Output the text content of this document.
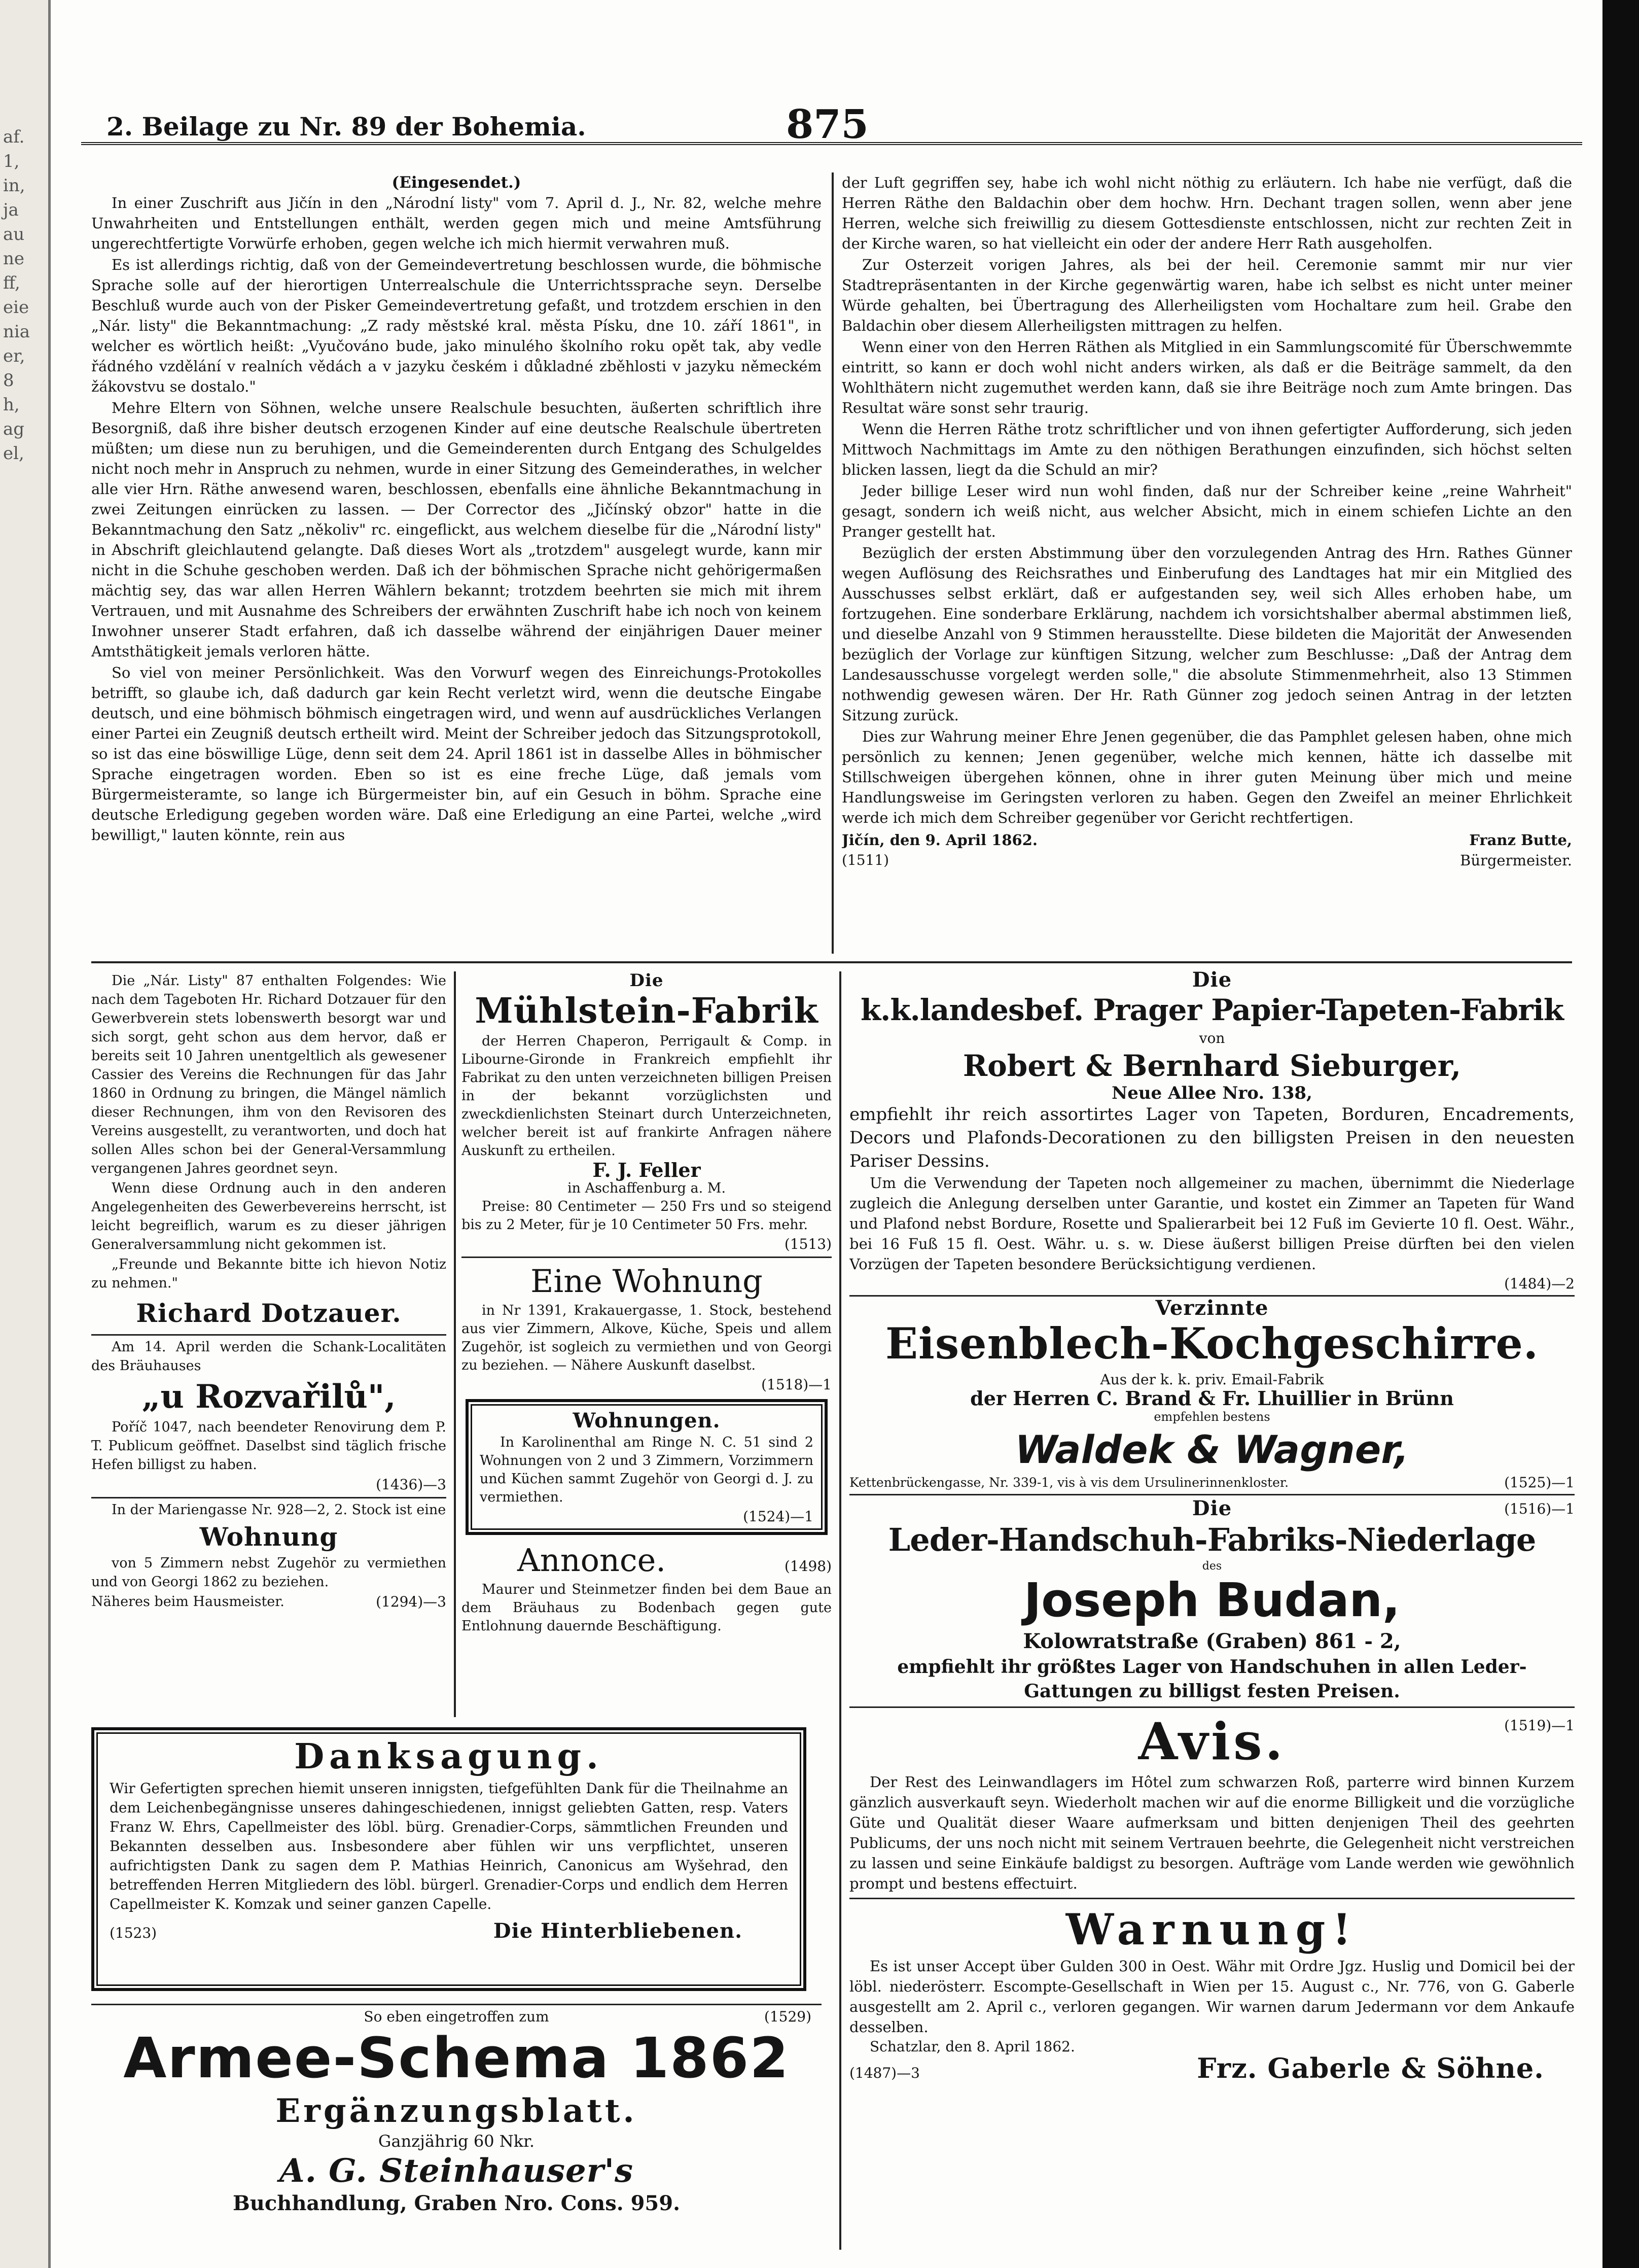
af.
1,
in,
ja
au
ne
ff,
eie
nia
er,
8
h,
ag
el,
2. Beilage zu Nr. 89 der Bohemia.	875
(Eingesendet.)

In einer Zuschrift aus Jičín in den „Národní listy" vom 7. April d. J., Nr. 82, welche mehre Unwahrheiten und Entstellungen enthält, werden gegen mich und meine Amtsführung ungerechtfertigte Vorwürfe erhoben, gegen welche ich mich hiermit verwahren muß.

Es ist allerdings richtig, daß von der Gemeindevertretung beschlossen wurde, die böhmische Sprache solle auf der hierortigen Unterrealschule die Unterrichtssprache seyn. Derselbe Beschluß wurde auch von der Pisker Gemeindevertretung gefaßt, und trotzdem erschien in den „Nár. listy" die Bekanntmachung: „Z rady městské kral. města Písku, dne 10. září 1861", in welcher es wörtlich heißt: „Vyučováno bude, jako minulého školního roku opět tak, aby vedle řádného vzdělání v realních vědách a v jazyku českém i důkladné zběhlosti v jazyku německém žákovstvu se dostalo."

Mehre Eltern von Söhnen, welche unsere Realschule besuchten, äußerten schriftlich ihre Besorgniß, daß ihre bisher deutsch erzogenen Kinder auf eine deutsche Realschule übertreten müßten; um diese nun zu beruhigen, und die Gemeinderenten durch Entgang des Schulgeldes nicht noch mehr in Anspruch zu nehmen, wurde in einer Sitzung des Gemeinderathes, in welcher alle vier Hrn. Räthe anwesend waren, beschlossen, ebenfalls eine ähnliche Bekanntmachung in zwei Zeitungen einrücken zu lassen. — Der Corrector des „Jičínský obzor" hatte in die Bekanntmachung den Satz „několiv" rc. eingeflickt, aus welchem dieselbe für die „Národní listy" in Abschrift gleichlautend gelangte. Daß dieses Wort als „trotzdem" ausgelegt wurde, kann mir nicht in die Schuhe geschoben werden. Daß ich der böhmischen Sprache nicht gehörigermaßen mächtig sey, das war allen Herren Wählern bekannt; trotzdem beehrten sie mich mit ihrem Vertrauen, und mit Ausnahme des Schreibers der erwähnten Zuschrift habe ich noch von keinem Inwohner unserer Stadt erfahren, daß ich dasselbe während der einjährigen Dauer meiner Amtsthätigkeit jemals verloren hätte.

So viel von meiner Persönlichkeit. Was den Vorwurf wegen des Einreichungs-Protokolles betrifft, so glaube ich, daß dadurch gar kein Recht verletzt wird, wenn die deutsche Eingabe deutsch, und eine böhmisch böhmisch eingetragen wird, und wenn auf ausdrückliches Verlangen einer Partei ein Zeugniß deutsch ertheilt wird. Meint der Schreiber jedoch das Sitzungsprotokoll, so ist das eine böswillige Lüge, denn seit dem 24. April 1861 ist in dasselbe Alles in böhmischer Sprache eingetragen worden. Eben so ist es eine freche Lüge, daß jemals vom Bürgermeisteramte, so lange ich Bürgermeister bin, auf ein Gesuch in böhm. Sprache eine deutsche Erledigung gegeben worden wäre. Daß eine Erledigung an eine Partei, welche „wird bewilligt," lauten könnte, rein aus

der Luft gegriffen sey, habe ich wohl nicht nöthig zu erläutern. Ich habe nie verfügt, daß die Herren Räthe den Baldachin ober dem hochw. Hrn. Dechant tragen sollen, wenn aber jene Herren, welche sich freiwillig zu diesem Gottesdienste entschlossen, nicht zur rechten Zeit in der Kirche waren, so hat vielleicht ein oder der andere Herr Rath ausgeholfen.

Zur Osterzeit vorigen Jahres, als bei der heil. Ceremonie sammt mir nur vier Stadtrepräsentanten in der Kirche gegenwärtig waren, habe ich selbst es nicht unter meiner Würde gehalten, bei Übertragung des Allerheiligsten vom Hochaltare zum heil. Grabe den Baldachin ober diesem Allerheiligsten mittragen zu helfen.

Wenn einer von den Herren Räthen als Mitglied in ein Sammlungscomité für Überschwemmte eintritt, so kann er doch wohl nicht anders wirken, als daß er die Beiträge sammelt, da den Wohlthätern nicht zugemuthet werden kann, daß sie ihre Beiträge noch zum Amte bringen. Das Resultat wäre sonst sehr traurig.

Wenn die Herren Räthe trotz schriftlicher und von ihnen gefertigter Aufforderung, sich jeden Mittwoch Nachmittags im Amte zu den nöthigen Berathungen einzufinden, sich höchst selten blicken lassen, liegt da die Schuld an mir?

Jeder billige Leser wird nun wohl finden, daß nur der Schreiber keine „reine Wahrheit" gesagt, sondern ich weiß nicht, aus welcher Absicht, mich in einem schiefen Lichte an den Pranger gestellt hat.

Bezüglich der ersten Abstimmung über den vorzulegenden Antrag des Hrn. Rathes Günner wegen Auflösung des Reichsrathes und Einberufung des Landtages hat mir ein Mitglied des Ausschusses selbst erklärt, daß er aufgestanden sey, weil sich Alles erhoben habe, um fortzugehen. Eine sonderbare Erklärung, nachdem ich vorsichtshalber abermal abstimmen ließ, und dieselbe Anzahl von 9 Stimmen herausstellte. Diese bildeten die Majorität der Anwesenden bezüglich der Vorlage zur künftigen Sitzung, welcher zum Beschlusse: „Daß der Antrag dem Landesausschusse vorgelegt werden solle," die absolute Stimmenmehrheit, also 13 Stimmen nothwendig gewesen wären. Der Hr. Rath Günner zog jedoch seinen Antrag in der letzten Sitzung zurück.

Dies zur Wahrung meiner Ehre Jenen gegenüber, die das Pamphlet gelesen haben, ohne mich persönlich zu kennen; Jenen gegenüber, welche mich kennen, hätte ich dasselbe mit Stillschweigen übergehen können, ohne in ihrer guten Meinung über mich und meine Handlungsweise im Geringsten verloren zu haben. Gegen den Zweifel an meiner Ehrlichkeit werde ich mich dem Schreiber gegenüber vor Gericht rechtfertigen.

Jičín, den 9. April 1862.	Franz Butte,
(1511)	Bürgermeister.

Die „Nár. Listy" 87 enthalten Folgendes: Wie nach dem Tageboten Hr. Richard Dotzauer für den Gewerbverein stets lobenswerth besorgt war und sich sorgt, geht schon aus dem hervor, daß er bereits seit 10 Jahren unentgeltlich als gewesener Cassier des Vereins die Rechnungen für das Jahr 1860 in Ordnung zu bringen, die Mängel nämlich dieser Rechnungen, ihm von den Revisoren des Vereins ausgestellt, zu verantworten, und doch hat sollen Alles schon bei der General-Versammlung vergangenen Jahres geordnet seyn.

Wenn diese Ordnung auch in den anderen Angelegenheiten des Gewerbevereins herrscht, ist leicht begreiflich, warum es zu dieser jährigen Generalversammlung nicht gekommen ist.

„Freunde und Bekannte bitte ich hievon Notiz zu nehmen."

Richard Dotzauer.

Am 14. April werden die Schank-Localitäten des Bräuhauses

„u Rozvařilů",

Poříč 1047, nach beendeter Renovirung dem P. T. Publicum geöffnet. Daselbst sind täglich frische Hefen billigst zu haben.

(1436)—3

In der Mariengasse Nr. 928—2, 2. Stock ist eine

Wohnung

von 5 Zimmern nebst Zugehör zu vermiethen und von Georgi 1862 zu beziehen.

Näheres beim Hausmeister.	(1294)—3
Die
Mühlstein-Fabrik

der Herren Chaperon, Perrigault & Comp. in Libourne-Gironde in Frankreich empfiehlt ihr Fabrikat zu den unten verzeichneten billigen Preisen in der bekannt vorzüglichsten und zweckdienlichsten Steinart durch Unterzeichneten, welcher bereit ist auf frankirte Anfragen nähere Auskunft zu ertheilen.

F. J. Feller
in Aschaffenburg a. M.

Preise: 80 Centimeter — 250 Frs und so steigend bis zu 2 Meter, für je 10 Centimeter 50 Frs. mehr.

(1513)
Eine Wohnung

in Nr 1391, Krakauergasse, 1. Stock, bestehend aus vier Zimmern, Alkove, Küche, Speis und allem Zugehör, ist sogleich zu vermiethen und von Georgi zu beziehen. — Nähere Auskunft daselbst.

(1518)—1
Wohnungen.

In Karolinenthal am Ringe N. C. 51 sind 2 Wohnungen von 2 und 3 Zimmern, Vorzimmern und Küchen sammt Zugehör von Georgi d. J. zu vermiethen.

(1524)—1
Annonce.	(1498)

Maurer und Steinmetzer finden bei dem Baue an dem Bräuhaus zu Bodenbach gegen gute Entlohnung dauernde Beschäftigung.

Danksagung.
Wir Gefertigten sprechen hiemit unseren innigsten, tiefgefühlten Dank für die Theilnahme an dem Leichenbegängnisse unseres dahingeschiedenen, innigst geliebten Gatten, resp. Vaters Franz W. Ehrs, Capellmeister des löbl. bürg. Grenadier-Corps, sämmtlichen Freunden und Bekannten desselben aus. Insbesondere aber fühlen wir uns verpflichtet, unseren aufrichtigsten Dank zu sagen dem P. Mathias Heinrich, Canonicus am Wyšehrad, den betreffenden Herren Mitgliedern des löbl. bürgerl. Grenadier-Corps und endlich dem Herren Capellmeister K. Komzak und seiner ganzen Capelle.
(1523)	Die Hinterbliebenen.
So eben eingetroffen zum	(1529)
Armee-Schema 1862
Ergänzungsblatt.
Ganzjährig 60 Nkr.
A. G. Steinhauser's
Buchhandlung, Graben Nro. Cons. 959.
Die
k.k.landesbef. Prager Papier-Tapeten-Fabrik
von
Robert & Bernhard Sieburger,
Neue Allee Nro. 138,
empfiehlt ihr reich assortirtes Lager von Tapeten, Borduren, Encadrements, Decors und Plafonds-Decorationen zu den billigsten Preisen in den neuesten Pariser Dessins.
Um die Verwendung der Tapeten noch allgemeiner zu machen, übernimmt die Niederlage zugleich die Anlegung derselben unter Garantie, und kostet ein Zimmer an Tapeten für Wand und Plafond nebst Bordure, Rosette und Spalierarbeit bei 12 Fuß im Gevierte 10 fl. Oest. Währ., bei 16 Fuß 15 fl. Oest. Währ. u. s. w. Diese äußerst billigen Preise dürften bei den vielen Vorzügen der Tapeten besondere Berücksichtigung verdienen.
(1484)—2
Verzinnte
Eisenblech-Kochgeschirre.
Aus der k. k. priv. Email-Fabrik
der Herren C. Brand & Fr. Lhuillier in Brünn
empfehlen bestens
Waldek & Wagner,
Kettenbrückengasse, Nr. 339-1, vis à vis dem Ursulinerinnenkloster.	(1525)—1
Die	(1516)—1
Leder-Handschuh-Fabriks-Niederlage
des
Joseph Budan,
Kolowratstraße (Graben) 861 - 2,
empfiehlt ihr größtes Lager von Handschuhen in allen Leder-Gattungen zu billigst festen Preisen.
Avis.	(1519)—1
Der Rest des Leinwandlagers im Hôtel zum schwarzen Roß, parterre wird binnen Kurzem gänzlich ausverkauft seyn. Wiederholt machen wir auf die enorme Billigkeit und die vorzügliche Güte und Qualität dieser Waare aufmerksam und bitten denjenigen Theil des geehrten Publicums, der uns noch nicht mit seinem Vertrauen beehrte, die Gelegenheit nicht verstreichen zu lassen und seine Einkäufe baldigst zu besorgen. Aufträge vom Lande werden wie gewöhnlich prompt und bestens effectuirt.
Warnung!
Es ist unser Accept über Gulden 300 in Oest. Währ mit Ordre Jgz. Huslig und Domicil bei der löbl. niederösterr. Escompte-Gesellschaft in Wien per 15. August c., Nr. 776, von G. Gaberle ausgestellt am 2. April c., verloren gegangen. Wir warnen darum Jedermann vor dem Ankaufe desselben.
Schatzlar, den 8. April 1862.
(1487)—3	Frz. Gaberle & Söhne.
